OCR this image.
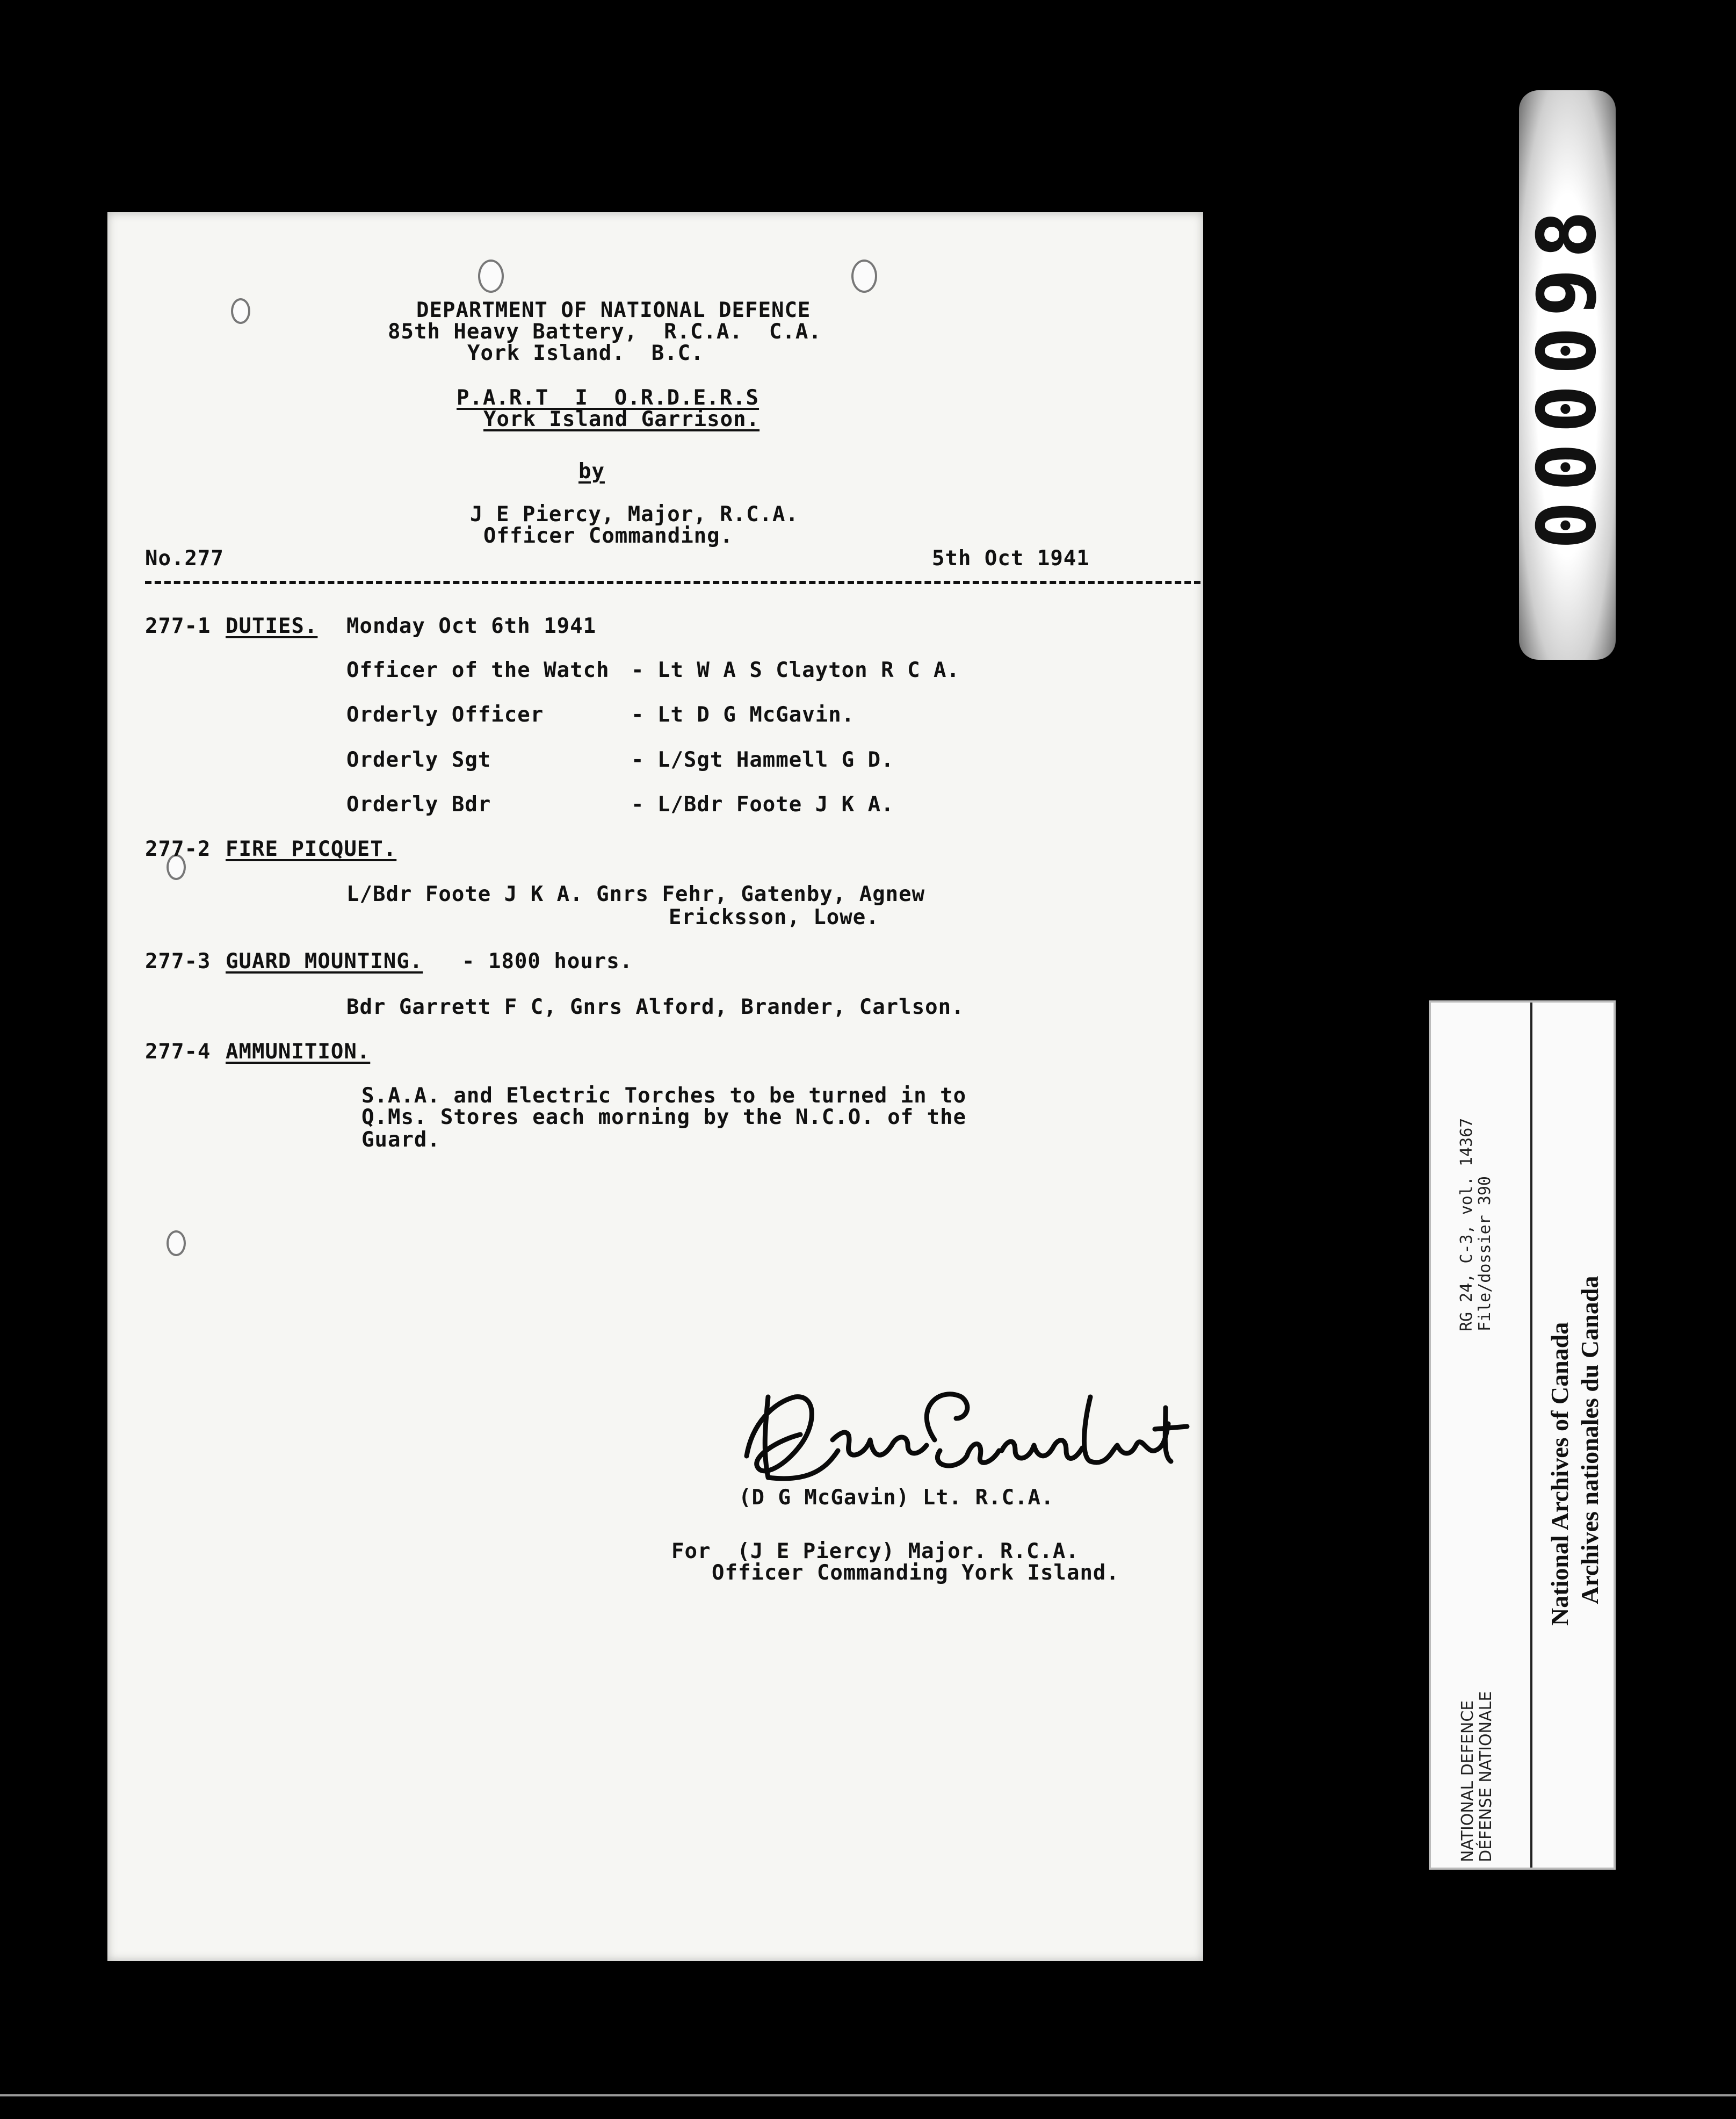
DEPARTMENT OF NATIONAL DEFENCE
85th Heavy Battery,  R.C.A.  C.A.
York Island.  B.C.
P.A.R.T  I  O.R.D.E.R.S
York Island Garrison.
by
J E Piercy, Major, R.C.A.
Officer Commanding.
No.277	5th Oct 1941
277-1 DUTIES. Monday Oct 6th 1941
Officer of the Watch - Lt W A S Clayton R C A.
Orderly Officer	- Lt D G McGavin.
Orderly Sgt	- L/Sgt Hammell G D.
Orderly Bdr	- L/Bdr Foote J K A.
277-2 FIRE PICQUET.
L/Bdr Foote J K A. Gnrs Fehr, Gatenby, Agnew
Ericksson, Lowe.
277-3 GUARD MOUNTING. - 1800 hours.
Bdr Garrett F C, Gnrs Alford, Brander, Carlson.
277-4 AMMUNITION.
S.A.A. and Electric Torches to be turned in to
Q.Ms. Stores each morning by the N.C.O. of the
Guard.
(D G McGavin) Lt. R.C.A.
For  (J E Piercy) Major. R.C.A.
Officer Commanding York Island.
000098
RG 24, C-3, vol. 14367 File/dossier 390
NATIONAL DEFENCE DÉFENSE NATIONALE
National Archives of Canada Archives nationales du Canada
